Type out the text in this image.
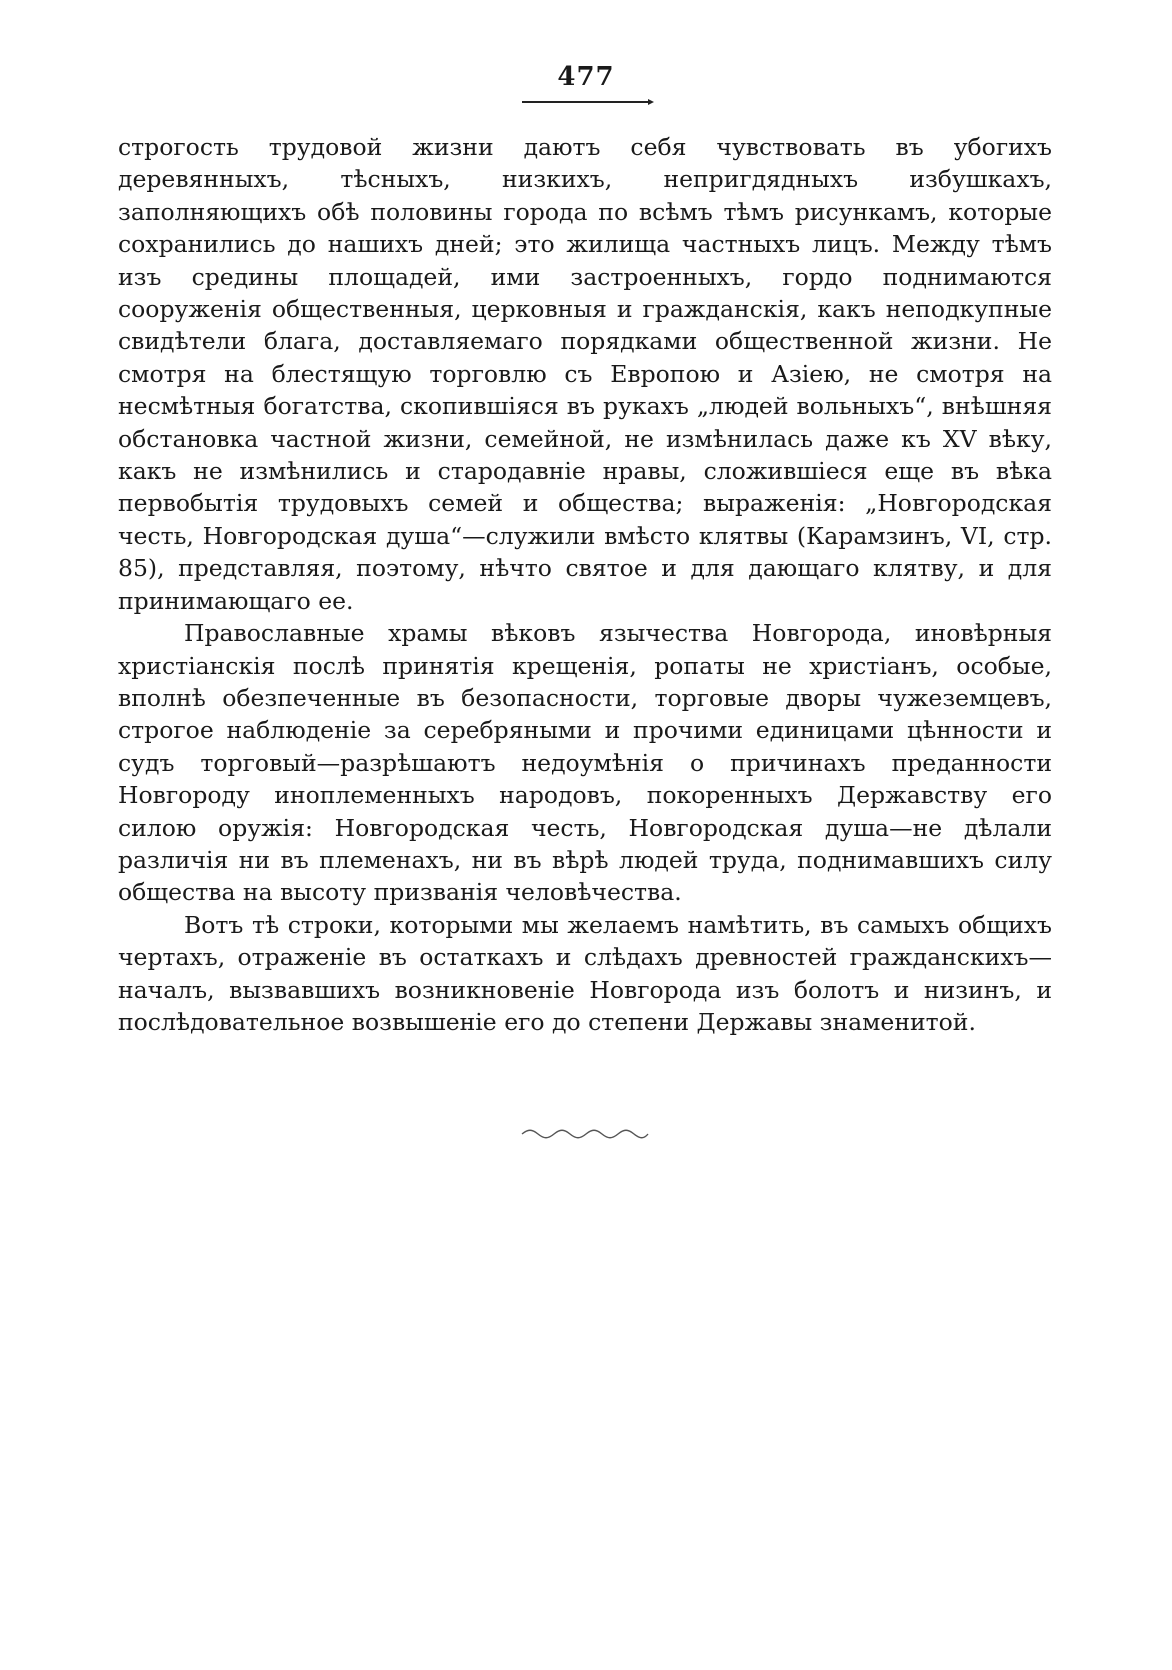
477

строгость трудовой жизни даютъ себя чувствовать въ убогихъ деревянныхъ, тѣсныхъ, низкихъ, непригдядныхъ избушкахъ, заполняющихъ обѣ половины города по всѣмъ тѣмъ рисункамъ, которые сохранились до нашихъ дней; это жилища частныхъ лицъ. Между тѣмъ изъ средины площадей, ими застроенныхъ, гордо поднимаются сооруженія общественныя, церковныя и гражданскія, какъ неподкупные свидѣтели блага, доставляемаго порядками общественной жизни. Не смотря на блестящую торговлю съ Европою и Азіею, не смотря на несмѣтныя богатства, скопившіяся въ рукахъ „людей вольныхъ“, внѣшняя обстановка частной жизни, семейной, не измѣнилась даже къ XV вѣку, какъ не измѣнились и стародавніе нравы, сложившіеся еще въ вѣка первобытія трудовыхъ семей и общества; выраженія: „Новгородская честь, Новгородская душа“—служили вмѣсто клятвы (Карамзинъ, VI, стр. 85), представляя, поэтому, нѣчто святое и для дающаго клятву, и для принимающаго ее.

Православные храмы вѣковъ язычества Новгорода, иновѣрныя христіанскія послѣ принятія крещенія, ропаты не христіанъ, особые, вполнѣ обезпеченные въ безопасности, торговые дворы чужеземцевъ, строгое наблюденіе за серебряными и прочими единицами цѣнности и судъ торговый—разрѣшаютъ недоумѣнія о причинахъ преданности Новгороду иноплеменныхъ народовъ, покоренныхъ Державству его силою оружія: Новгородская честь, Новгородская душа—не дѣлали различія ни въ племенахъ, ни въ вѣрѣ людей труда, поднимавшихъ силу общества на высоту призванія человѣчества.

Вотъ тѣ строки, которыми мы желаемъ намѣтить, въ самыхъ общихъ чертахъ, отраженіе въ остаткахъ и слѣдахъ древностей гражданскихъ—началъ, вызвавшихъ возникновеніе Новгорода изъ болотъ и низинъ, и послѣдовательное возвышеніе его до степени Державы знаменитой.
